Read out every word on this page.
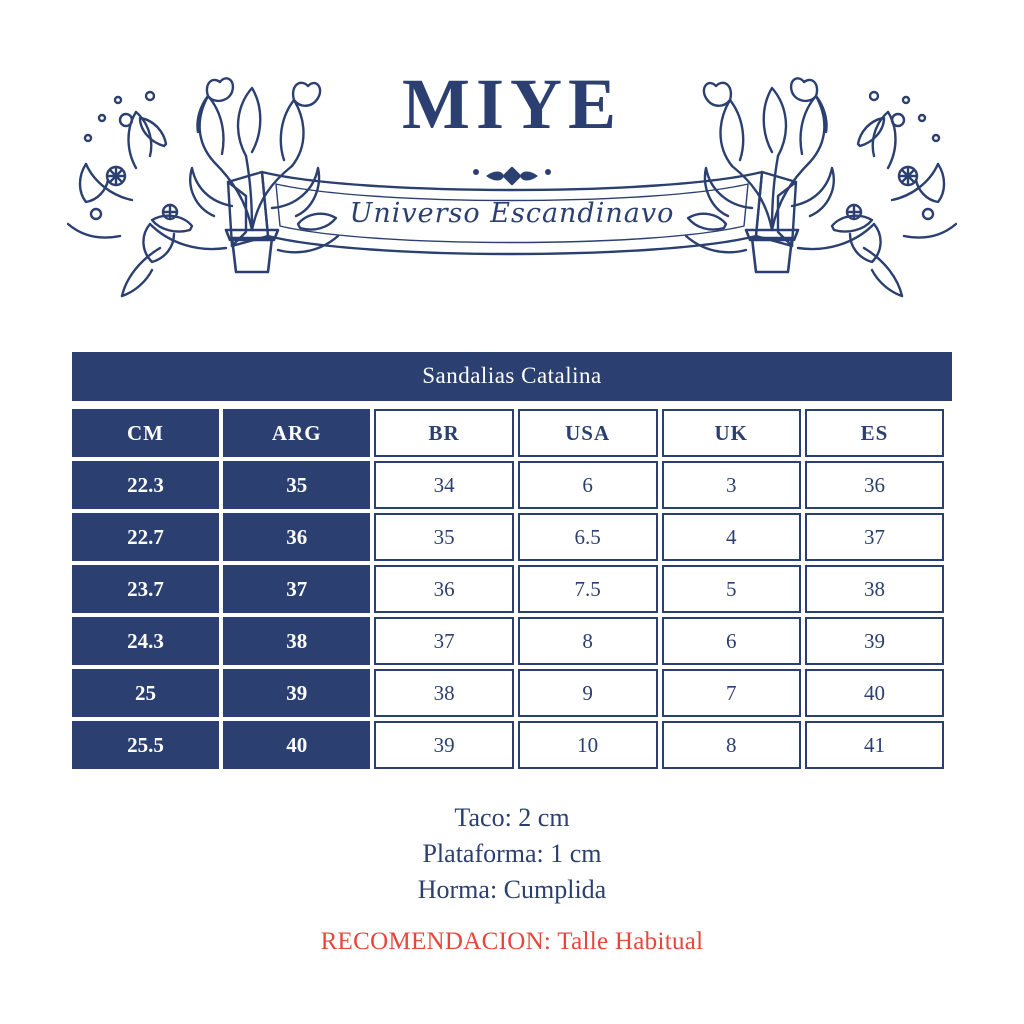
MIYE
Universo Escandinavo
Sandalias Catalina
CM	ARG	BR	USA	UK	ES
22.3	35	34	6	3	36
22.7	36	35	6.5	4	37
23.7	37	36	7.5	5	38
24.3	38	37	8	6	39
25	39	38	9	7	40
25.5	40	39	10	8	41
Taco: 2 cm
Plataforma: 1 cm
Horma: Cumplida
RECOMENDACION: Talle Habitual
